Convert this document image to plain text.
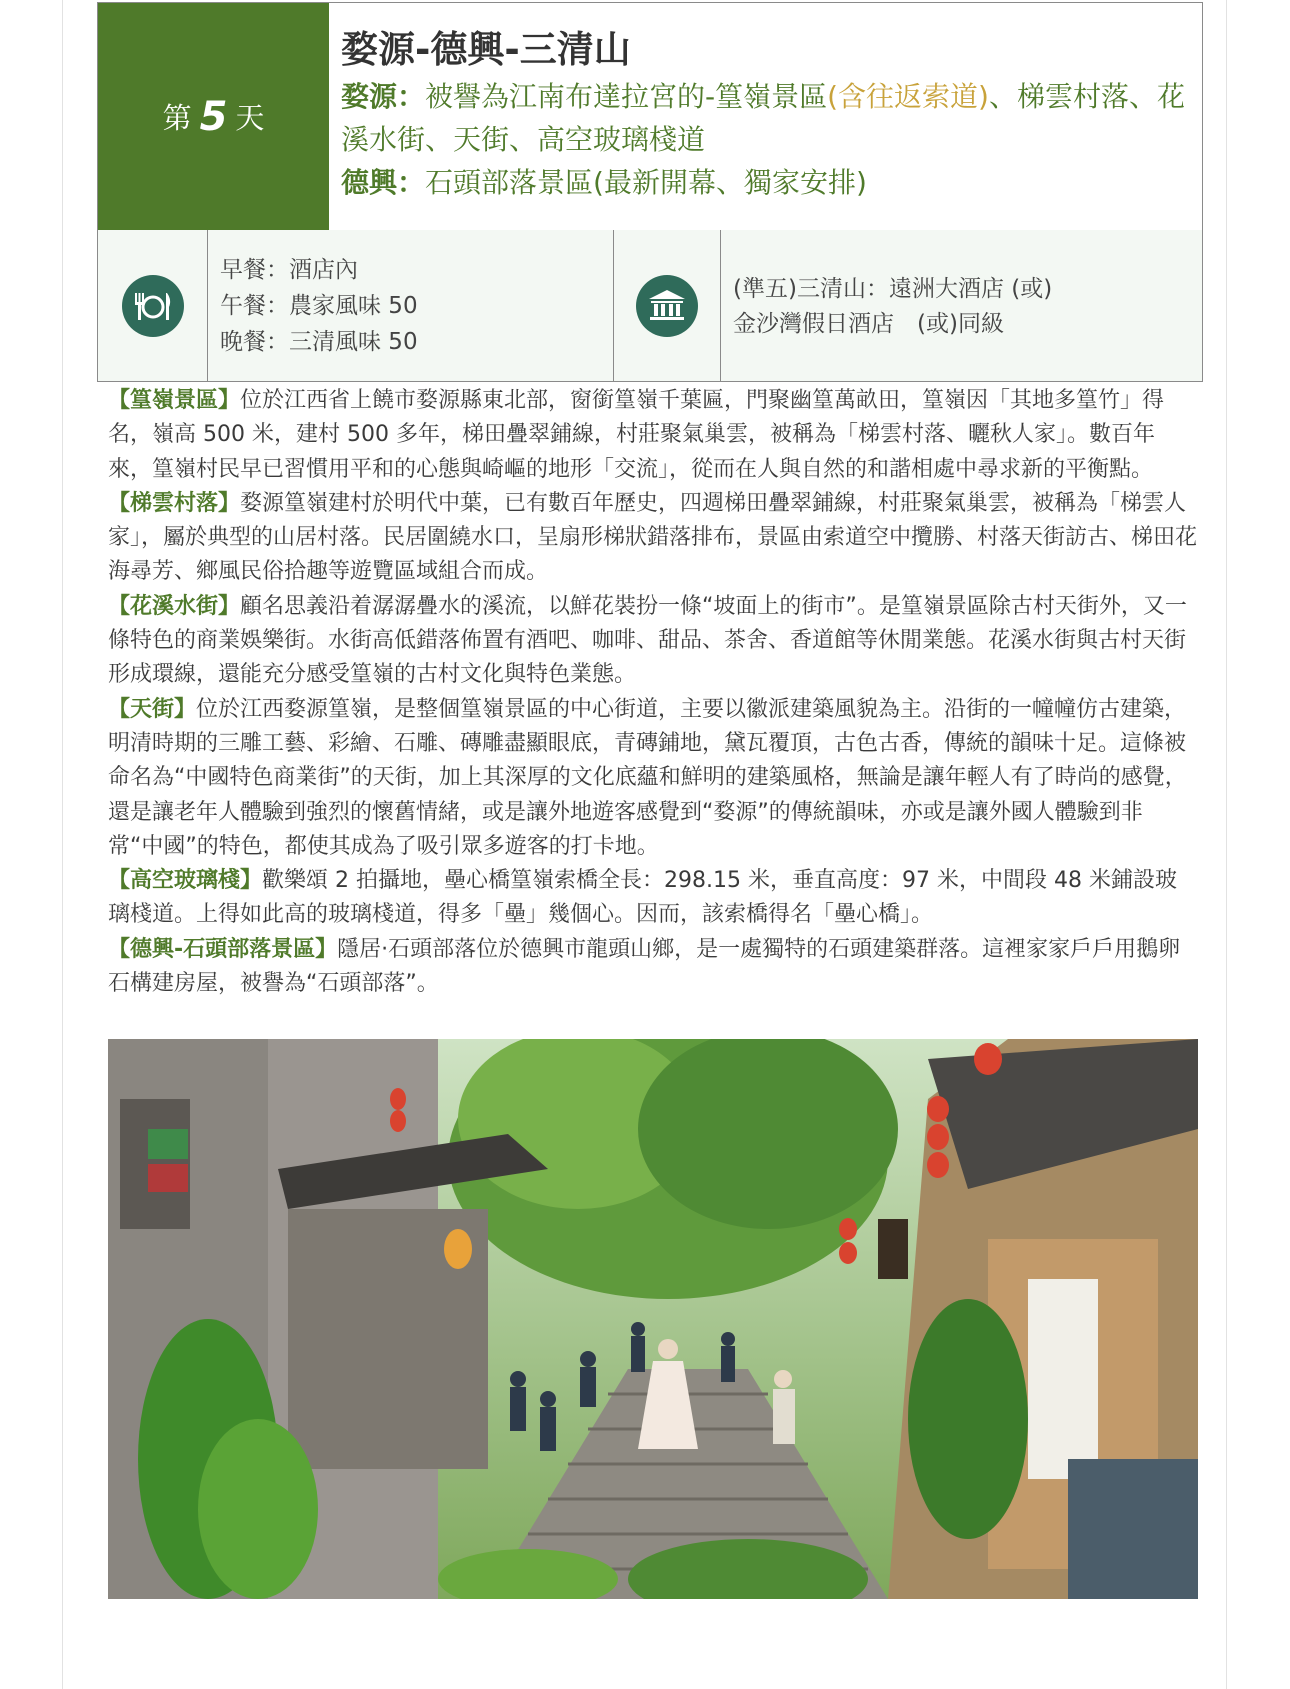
第 5 天
婺源-德興-三清山
婺源：被譽為江南布達拉宮的-篁嶺景區(含往返索道)、梯雲村落、花溪水街、天街、高空玻璃棧道
德興：石頭部落景區(最新開幕、獨家安排)
早餐：酒店內
午餐：農家風味 50
晚餐：三清風味 50
(準五)三清山：遠洲大酒店 (或)
金沙灣假日酒店　(或)同級

【篁嶺景區】位於江西省上饒市婺源縣東北部，窗銜篁嶺千葉匾，門聚幽篁萬畝田，篁嶺因「其地多篁竹」得名，嶺高 500 米，建村 500 多年，梯田疊翠鋪線，村莊聚氣巢雲，被稱為「梯雲村落、曬秋人家」。數百年來，篁嶺村民早已習慣用平和的心態與崎嶇的地形「交流」，從而在人與自然的和諧相處中尋求新的平衡點。

【梯雲村落】婺源篁嶺建村於明代中葉，已有數百年歷史，四週梯田疊翠鋪線，村莊聚氣巢雲，被稱為「梯雲人家」，屬於典型的山居村落。民居圍繞水口，呈扇形梯狀錯落排布，景區由索道空中攬勝、村落天街訪古、梯田花海尋芳、鄉風民俗拾趣等遊覽區域組合而成。

【花溪水街】顧名思義沿着潺潺疊水的溪流，以鮮花裝扮一條“坡面上的街市”。是篁嶺景區除古村天街外，又一條特色的商業娛樂街。水街高低錯落佈置有酒吧、咖啡、甜品、茶舍、香道館等休閒業態。花溪水街與古村天街形成環線，還能充分感受篁嶺的古村文化與特色業態。

【天街】位於江西婺源篁嶺，是整個篁嶺景區的中心街道，主要以徽派建築風貌為主。沿街的一幢幢仿古建築，明清時期的三雕工藝、彩繪、石雕、磚雕盡顯眼底，青磚鋪地，黛瓦覆頂，古色古香，傳統的韻味十足。這條被命名為“中國特色商業街”的天街，加上其深厚的文化底蘊和鮮明的建築風格，無論是讓年輕人有了時尚的感覺，還是讓老年人體驗到強烈的懷舊情緒，或是讓外地遊客感覺到“婺源”的傳統韻味，亦或是讓外國人體驗到非常“中國”的特色，都使其成為了吸引眾多遊客的打卡地。

【高空玻璃棧】歡樂頌 2 拍攝地，壘心橋篁嶺索橋全長：298.15 米，垂直高度：97 米，中間段 48 米鋪設玻璃棧道。上得如此高的玻璃棧道，得多「壘」幾個心。因而，該索橋得名「壘心橋」。

【德興-石頭部落景區】隱居·石頭部落位於德興市龍頭山鄉，是一處獨特的石頭建築群落。這裡家家戶戶用鵝卵石構建房屋，被譽為“石頭部落”。
